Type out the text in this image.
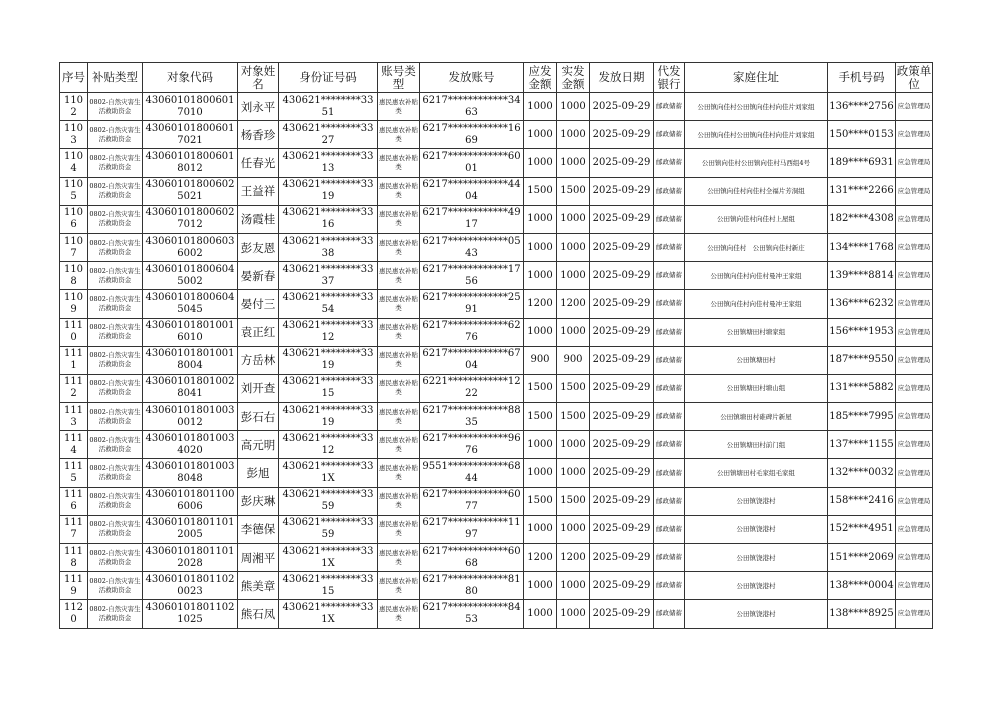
序号	补贴类型	对象代码	对象姓名	身份证号码	账号类型	发放账号	应发金额	实发金额	发放日期	代发银行	家庭住址	手机号码	政策单位

1102	0802-自然灾害生活救助资金	430601018006017010	刘永平	430621********3351	惠民惠农补贴类	6217************3463	1000	1000	2025-09-29	邮政储蓄	公田镇向佳村公田镇向佳村向佳片刘家组	136****2756	应急管理局

1103	0802-自然灾害生活救助资金	430601018006017021	杨香珍	430621********3327	惠民惠农补贴类	6217************1669	1000	1000	2025-09-29	邮政储蓄	公田镇向佳村公田镇向佳村向佳片刘家组	150****0153	应急管理局

1104	0802-自然灾害生活救助资金	430601018006018012	任春光	430621********3313	惠民惠农补贴类	6217************6001	1000	1000	2025-09-29	邮政储蓄	公田镇向佳村公田镇向佳村马西组4号	189****6931	应急管理局

1105	0802-自然灾害生活救助资金	430601018006025021	王益祥	430621********3319	惠民惠农补贴类	6217************4404	1500	1500	2025-09-29	邮政储蓄	公田镇向佳村向佳村全福片芳洞组	131****2266	应急管理局

1106	0802-自然灾害生活救助资金	430601018006027012	汤霞桂	430621********3316	惠民惠农补贴类	6217************4917	1000	1000	2025-09-29	邮政储蓄	公田镇向佳村向佳村上屋组	182****4308	应急管理局

1107	0802-自然灾害生活救助资金	430601018006036002	彭友恩	430621********3338	惠民惠农补贴类	6217************0543	1000	1000	2025-09-29	邮政储蓄	公田镇向佳村　公田镇向佳村新庄	134****1768	应急管理局

1108	0802-自然灾害生活救助资金	430601018006045002	晏新春	430621********3337	惠民惠农补贴类	6217************1756	1000	1000	2025-09-29	邮政储蓄	公田镇向佳村向佳村曼冲王家组	139****8814	应急管理局

1109	0802-自然灾害生活救助资金	430601018006045045	晏付三	430621********3354	惠民惠农补贴类	6217************2591	1200	1200	2025-09-29	邮政储蓄	公田镇向佳村向佳村曼冲王家组	136****6232	应急管理局

1110	0802-自然灾害生活救助资金	430601018010016010	袁正红	430621********3312	惠民惠农补贴类	6217************6276	1000	1000	2025-09-29	邮政储蓄	公田镇塘田村塘家组	156****1953	应急管理局

1111	0802-自然灾害生活救助资金	430601018010018004	方岳林	430621********3319	惠民惠农补贴类	6217************6704	900	900	2025-09-29	邮政储蓄	公田镇塘田村	187****9550	应急管理局

1112	0802-自然灾害生活救助资金	430601018010028041	刘开查	430621********3315	惠民惠农补贴类	6221************1222	1500	1500	2025-09-29	邮政储蓄	公田镇塘田村塘山组	131****5882	应急管理局

1113	0802-自然灾害生活救助资金	430601018010030012	彭石右	430621********3319	惠民惠农补贴类	6217************8835	1500	1500	2025-09-29	邮政储蓄	公田镇塘田村碓碑片新屋	185****7995	应急管理局

1114	0802-自然灾害生活救助资金	430601018010034020	高元明	430621********3312	惠民惠农补贴类	6217************9676	1000	1000	2025-09-29	邮政储蓄	公田镇塘田村前门组	137****1155	应急管理局

1115	0802-自然灾害生活救助资金	430601018010038048	彭旭	430621********331X	惠民惠农补贴类	9551************6844	1000	1000	2025-09-29	邮政储蓄	公田镇塘田村毛家组毛家组	132****0032	应急管理局

1116	0802-自然灾害生活救助资金	430601018011006006	彭庆琳	430621********3359	惠民惠农补贴类	6217************6077	1500	1500	2025-09-29	邮政储蓄	公田镇饶港村	158****2416	应急管理局

1117	0802-自然灾害生活救助资金	430601018011012005	李德保	430621********3359	惠民惠农补贴类	6217************1197	1000	1000	2025-09-29	邮政储蓄	公田镇饶港村	152****4951	应急管理局

1118	0802-自然灾害生活救助资金	430601018011012028	周湘平	430621********331X	惠民惠农补贴类	6217************6068	1200	1200	2025-09-29	邮政储蓄	公田镇饶港村	151****2069	应急管理局

1119	0802-自然灾害生活救助资金	430601018011020023	熊美章	430621********3315	惠民惠农补贴类	6217************8180	1000	1000	2025-09-29	邮政储蓄	公田镇饶港村	138****0004	应急管理局

1120	0802-自然灾害生活救助资金	430601018011021025	熊石凤	430621********331X	惠民惠农补贴类	6217************8453	1000	1000	2025-09-29	邮政储蓄	公田镇饶港村	138****8925	应急管理局
